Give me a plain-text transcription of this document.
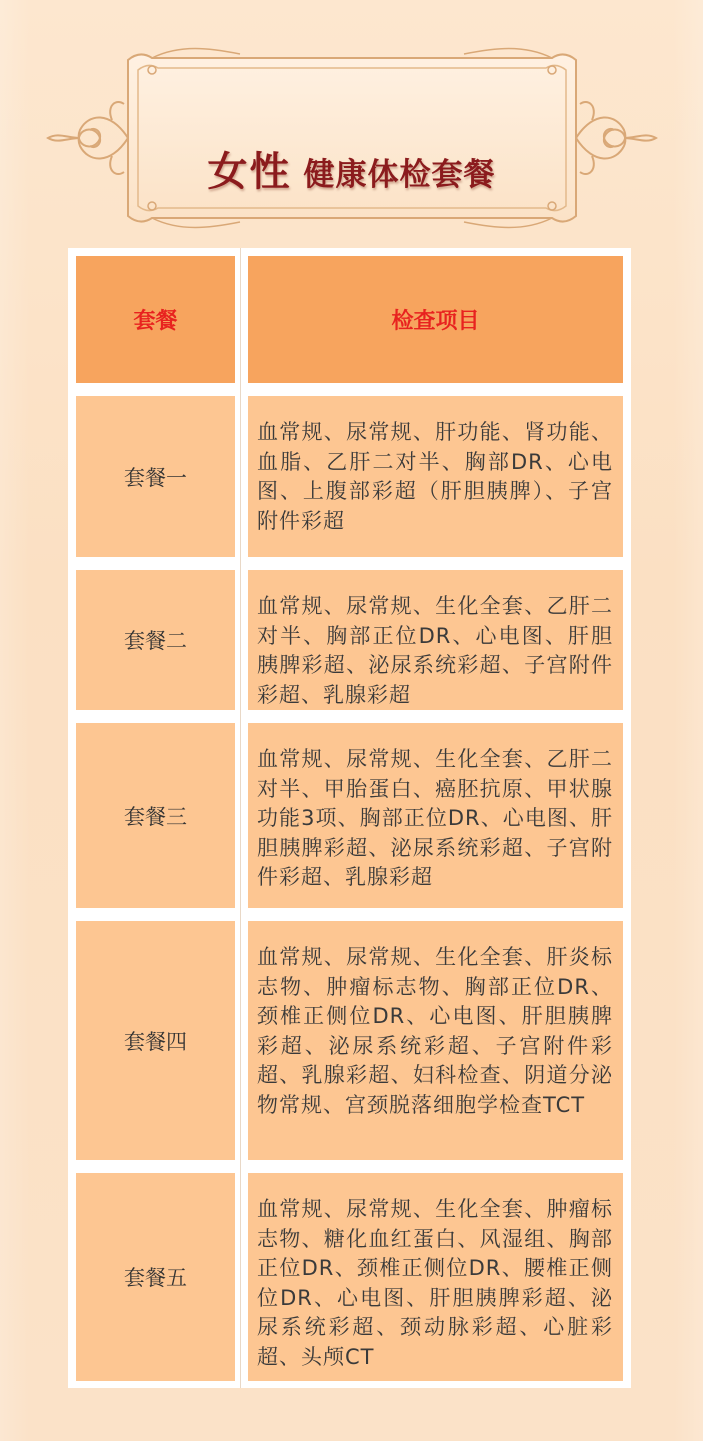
女性 健康体检套餐
套餐	检查项目
套餐一

血常规、尿常规、肝功能、肾功能、血脂、乙肝二对半、胸部DR、心电图、上腹部彩超（肝胆胰脾）、子宫附件彩超

套餐二

血常规、尿常规、生化全套、乙肝二对半、胸部正位DR、心电图、肝胆胰脾彩超、泌尿系统彩超、子宫附件彩超、乳腺彩超

套餐三

血常规、尿常规、生化全套、乙肝二对半、甲胎蛋白、癌胚抗原、甲状腺功能3项、胸部正位DR、心电图、肝胆胰脾彩超、泌尿系统彩超、子宫附件彩超、乳腺彩超

套餐四

血常规、尿常规、生化全套、肝炎标志物、肿瘤标志物、胸部正位DR、颈椎正侧位DR、心电图、肝胆胰脾彩超、泌尿系统彩超、子宫附件彩超、乳腺彩超、妇科检查、阴道分泌物常规、宫颈脱落细胞学检查TCT

套餐五

血常规、尿常规、生化全套、肿瘤标志物、糖化血红蛋白、风湿组、胸部正位DR、颈椎正侧位DR、腰椎正侧位DR、心电图、肝胆胰脾彩超、泌尿系统彩超、颈动脉彩超、心脏彩超、头颅CT
